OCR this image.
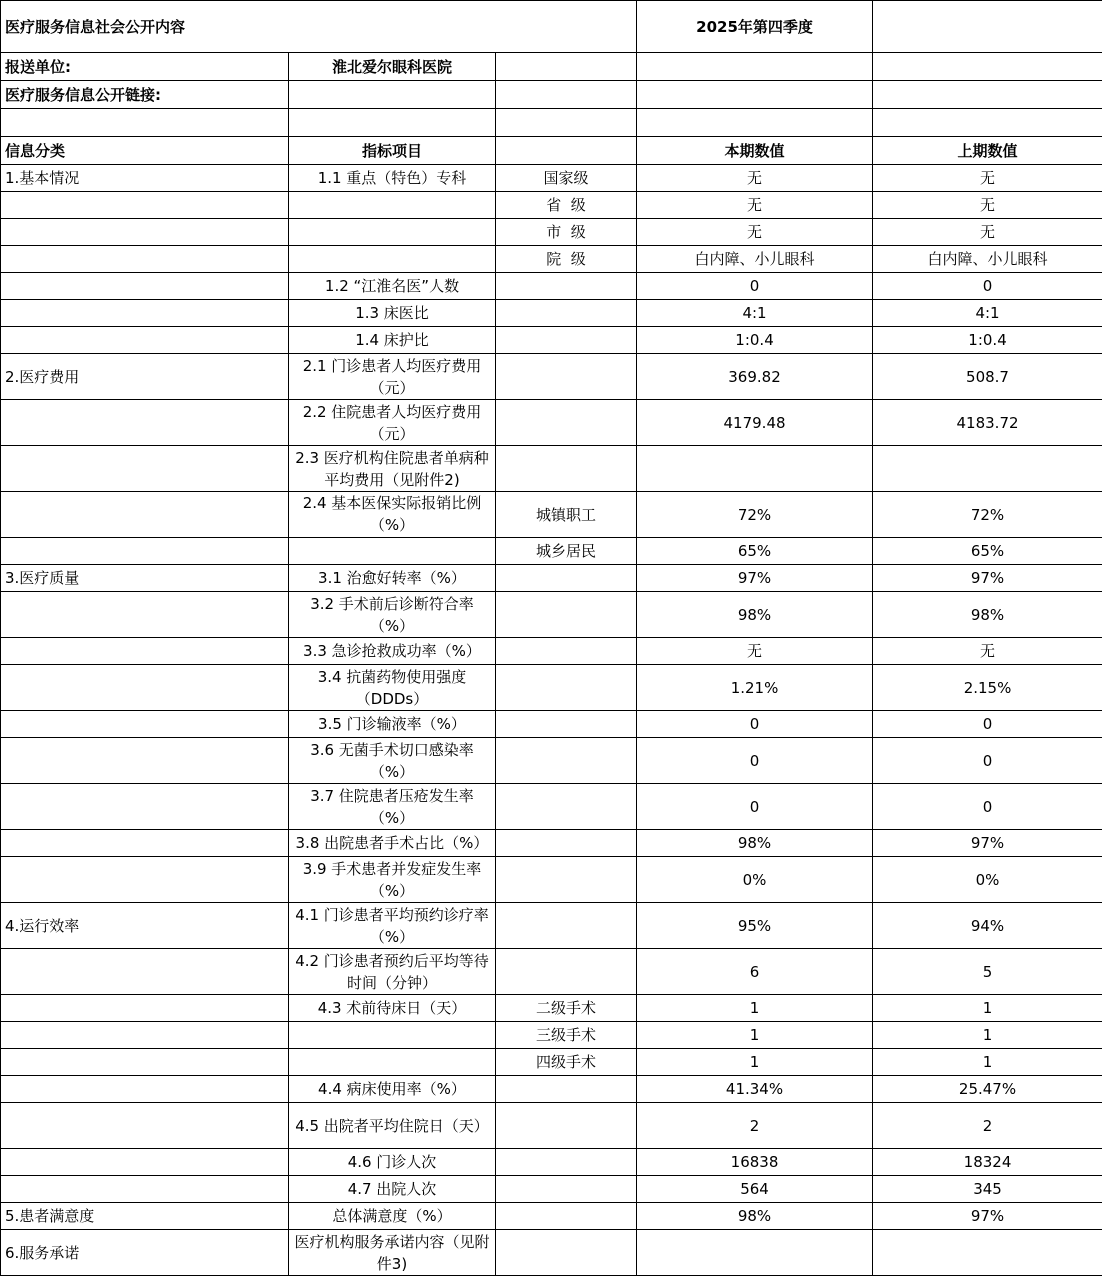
医疗服务信息社会公开内容			2025年第四季度	
报送单位:	淮北爱尔眼科医院			
医疗服务信息公开链接:				

信息分类	指标项目		本期数值	上期数值
1.基本情况	1.1 重点（特色）专科	国家级	无	无
		省  级	无	无
		市  级	无	无
		院  级	白内障、小儿眼科	白内障、小儿眼科
	1.2 “江淮名医”人数		0	0
	1.3 床医比		4:1	4:1
	1.4 床护比		1:0.4	1:0.4
2.医疗费用	2.1 门诊患者人均医疗费用（元）		369.82	508.7
	2.2 住院患者人均医疗费用（元）		4179.48	4183.72
	2.3 医疗机构住院患者单病种平均费用（见附件2)			
	2.4 基本医保实际报销比例（%）	城镇职工	72%	72%
		城乡居民	65%	65%
3.医疗质量	3.1 治愈好转率（%）		97%	97%
	3.2 手术前后诊断符合率（%）		98%	98%
	3.3 急诊抢救成功率（%）		无	无
	3.4 抗菌药物使用强度（DDDs）		1.21%	2.15%
	3.5 门诊输液率（%）		0	0
	3.6 无菌手术切口感染率（%）		0	0
	3.7 住院患者压疮发生率（%）		0	0
	3.8 出院患者手术占比（%）		98%	97%
	3.9 手术患者并发症发生率（%）		0%	0%
4.运行效率	4.1 门诊患者平均预约诊疗率（%）		95%	94%
	4.2 门诊患者预约后平均等待时间（分钟）		6	5
	4.3 术前待床日（天）	二级手术	1	1
		三级手术	1	1
		四级手术	1	1
	4.4 病床使用率（%）		41.34%	25.47%
	4.5 出院者平均住院日（天）		2	2
	4.6 门诊人次		16838	18324
	4.7 出院人次		564	345
5.患者满意度	总体满意度（%）		98%	97%
6.服务承诺	医疗机构服务承诺内容（见附件3)			
